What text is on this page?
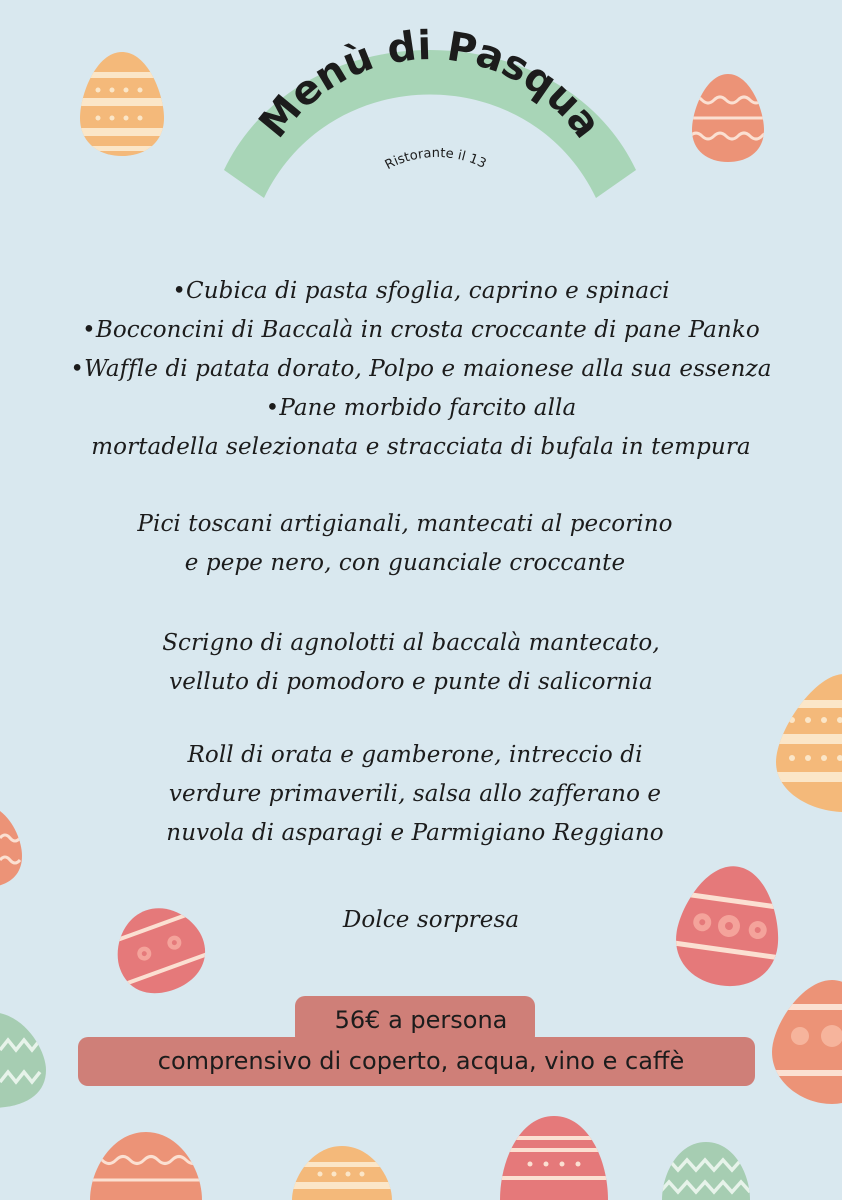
Menù di Pasqua
Ristorante il 13
•Cubica di pasta sfoglia, caprino e spinaci
•Bocconcini di Baccalà in crosta croccante di pane Panko
•Waffle di patata dorato, Polpo e maionese alla sua essenza
•Pane morbido farcito alla
mortadella selezionata e stracciata di bufala in tempura
Pici toscani artigianali, mantecati al pecorino
e pepe nero, con guanciale croccante
Scrigno di agnolotti al baccalà mantecato,
velluto di pomodoro e punte di salicornia
Roll di orata e gamberone, intreccio di
verdure primaverili, salsa allo zafferano e
nuvola di asparagi e Parmigiano Reggiano
Dolce sorpresa
56€ a persona
comprensivo di coperto, acqua, vino e caffè
